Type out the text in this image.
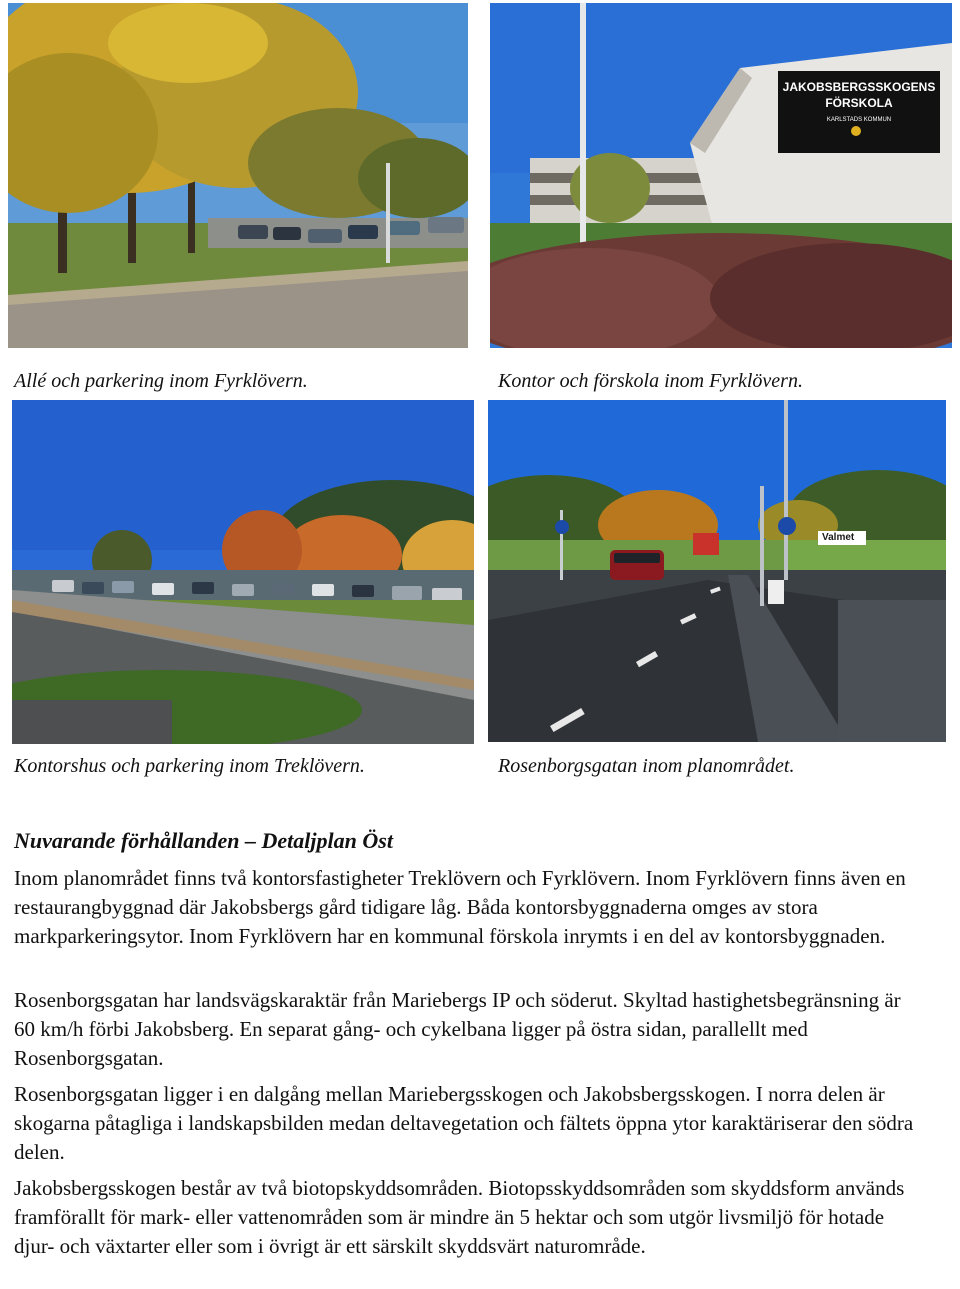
JAKOBSBERGSSKOGENS
FÖRSKOLA
KARLSTADS KOMMUN
Allé och parkering inom Fyrklövern.	Kontor och förskola inom Fyrklövern.
Valmet
Kontorshus och parkering inom Treklövern.	Rosenborgsgatan inom planområdet.
Nuvarande förhållanden – Detaljplan Öst

Inom planområdet finns två kontorsfastigheter Treklövern och Fyrklövern. Inom Fyrklövern finns även en restaurangbyggnad där Jakobsbergs gård tidigare låg. Båda kontorsbyggnaderna omges av stora markparkeringsytor. Inom Fyrklövern har en kommunal förskola inrymts i en del av kontorsbyggnaden.

Rosenborgsgatan har landsvägskaraktär från Mariebergs IP och söderut. Skyltad hastighetsbegränsning är 60 km/h förbi Jakobsberg. En separat gång- och cykelbana ligger på östra sidan, parallellt med Rosenborgsgatan.

Rosenborgsgatan ligger i en dalgång mellan Mariebergsskogen och Jakobsbergsskogen. I norra delen är skogarna påtagliga i landskapsbilden medan deltavegetation och fältets öppna ytor karaktäriserar den södra delen.

Jakobsbergsskogen består av två biotopskyddsområden. Biotopsskyddsområden som skyddsform används framförallt för mark- eller vattenområden som är mindre än 5 hektar och som utgör livsmiljö för hotade djur- och växtarter eller som i övrigt är ett särskilt skyddsvärt naturområde.
